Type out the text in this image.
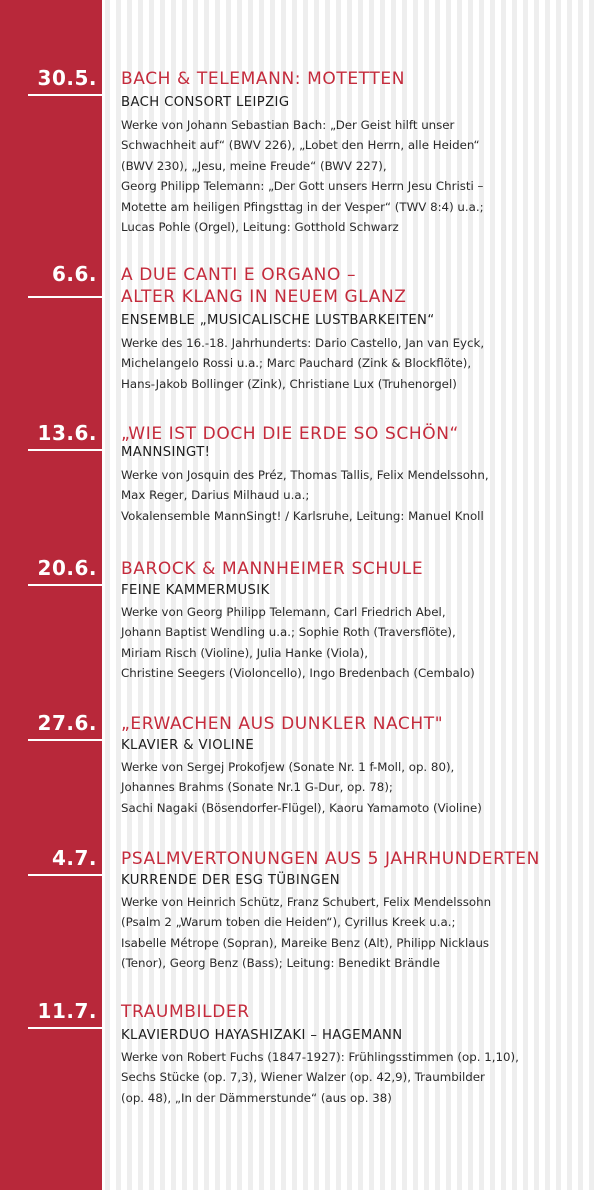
30.5. BACH & TELEMANN: MOTETTEN

BACH CONSORT LEIPZIG

Werke von Johann Sebastian Bach: „Der Geist hilft unser
Schwachheit auf“ (BWV 226), „Lobet den Herrn, alle Heiden“
(BWV 230), „Jesu, meine Freude“ (BWV 227),
Georg Philipp Telemann: „Der Gott unsers Herrn Jesu Christi –
Motette am heiligen Pfingsttag in der Vesper“ (TWV 8:4) u.a.;
Lucas Pohle (Orgel), Leitung: Gotthold Schwarz

6.6. A DUE CANTI E ORGANO –
ALTER KLANG IN NEUEM GLANZ

ENSEMBLE „MUSICALISCHE LUSTBARKEITEN“

Werke des 16.-18. Jahrhunderts: Dario Castello, Jan van Eyck,
Michelangelo Rossi u.a.; Marc Pauchard (Zink & Blockflöte),
Hans-Jakob Bollinger (Zink), Christiane Lux (Truhenorgel)

13.6. „WIE IST DOCH DIE ERDE SO SCHÖN“

MANNSINGT!

Werke von Josquin des Préz, Thomas Tallis, Felix Mendelssohn,
Max Reger, Darius Milhaud u.a.;
Vokalensemble MannSingt! / Karlsruhe, Leitung: Manuel Knoll

20.6. BAROCK & MANNHEIMER SCHULE

FEINE KAMMERMUSIK

Werke von Georg Philipp Telemann, Carl Friedrich Abel,
Johann Baptist Wendling u.a.; Sophie Roth (Traversflöte),
Miriam Risch (Violine), Julia Hanke (Viola),
Christine Seegers (Violoncello), Ingo Bredenbach (Cembalo)

27.6. „ERWACHEN AUS DUNKLER NACHT"

KLAVIER & VIOLINE

Werke von Sergej Prokofjew (Sonate Nr. 1 f-Moll, op. 80),
Johannes Brahms (Sonate Nr.1 G-Dur, op. 78);
Sachi Nagaki (Bösendorfer-Flügel), Kaoru Yamamoto (Violine)

4.7. PSALMVERTONUNGEN AUS 5 JAHRHUNDERTEN

KURRENDE DER ESG TÜBINGEN

Werke von Heinrich Schütz, Franz Schubert, Felix Mendelssohn
(Psalm 2 „Warum toben die Heiden“), Cyrillus Kreek u.a.;
Isabelle Métrope (Sopran), Mareike Benz (Alt), Philipp Nicklaus
(Tenor), Georg Benz (Bass); Leitung: Benedikt Brändle

11.7. TRAUMBILDER

KLAVIERDUO HAYASHIZAKI – HAGEMANN

Werke von Robert Fuchs (1847-1927): Frühlingsstimmen (op. 1,10),
Sechs Stücke (op. 7,3), Wiener Walzer (op. 42,9), Traumbilder
(op. 48), „In der Dämmerstunde“ (aus op. 38)
